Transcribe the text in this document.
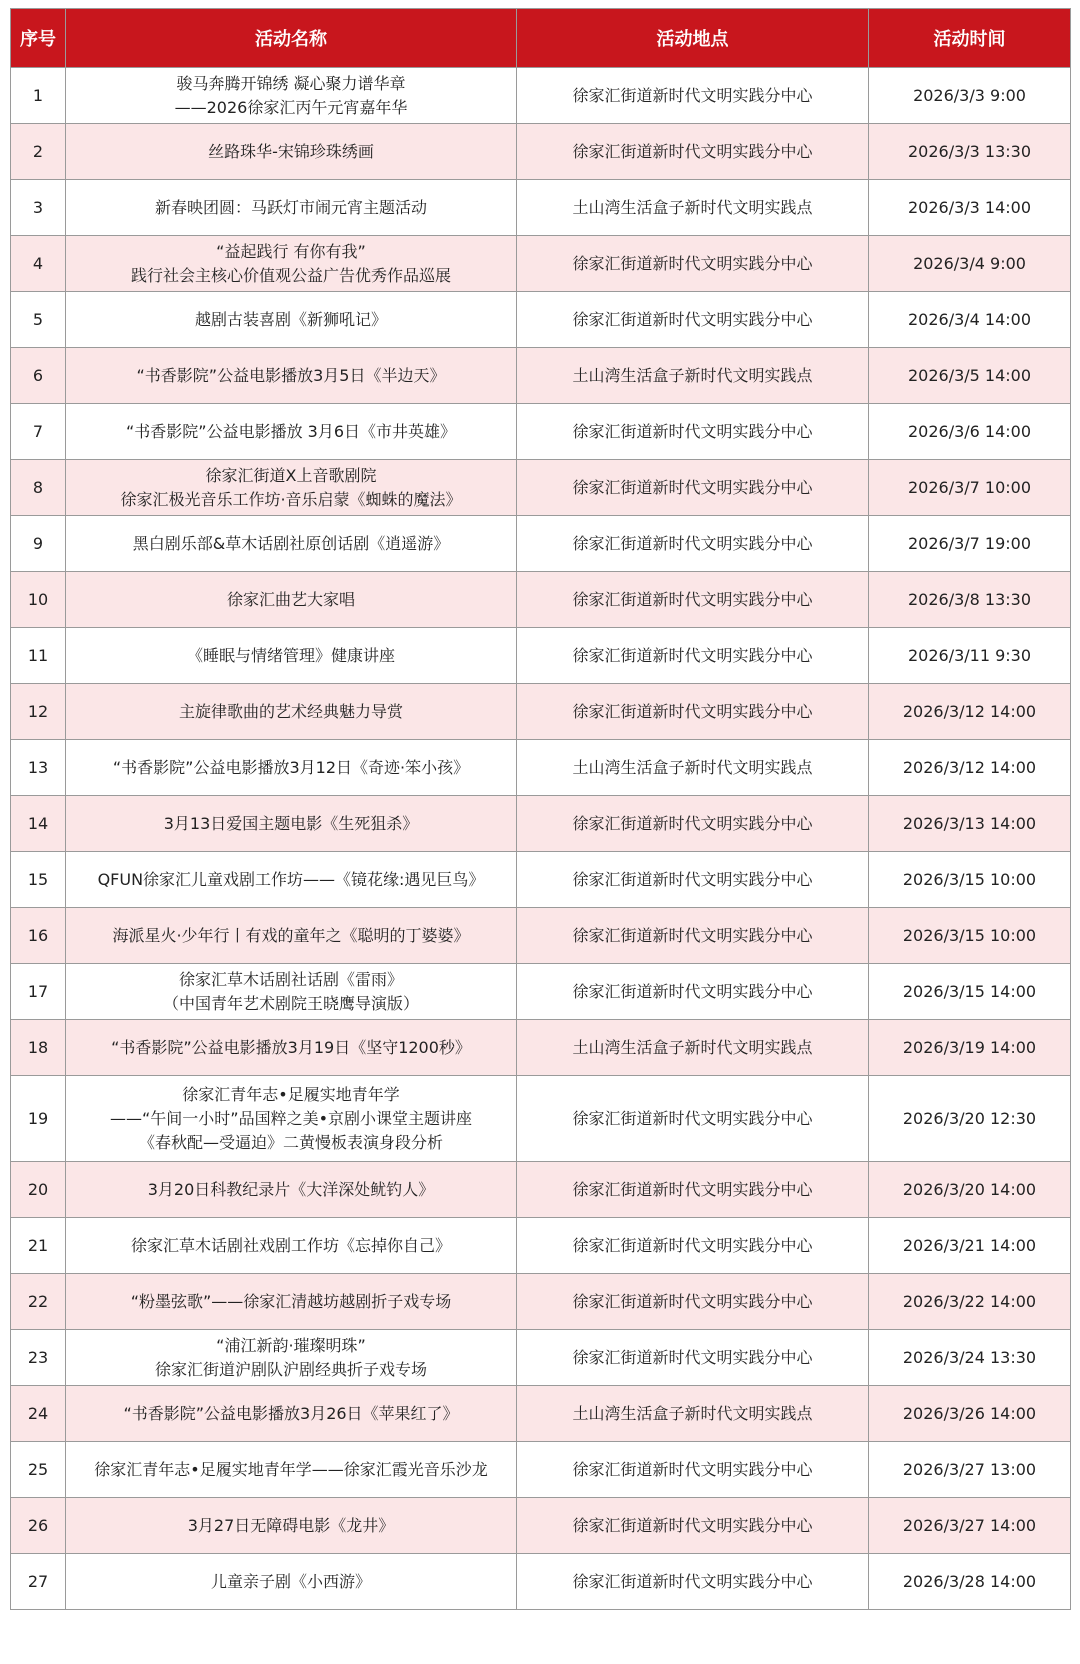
序号	活动名称	活动地点	活动时间
1	骏马奔腾开锦绣 凝心聚力谱华章
——2026徐家汇丙午元宵嘉年华	徐家汇街道新时代文明实践分中心	2026/3/3 9:00
2	丝路珠华-宋锦珍珠绣画	徐家汇街道新时代文明实践分中心	2026/3/3 13:30
3	新春映团圆：马跃灯市闹元宵主题活动	土山湾生活盒子新时代文明实践点	2026/3/3 14:00
4	“益起践行 有你有我”
践行社会主核心价值观公益广告优秀作品巡展	徐家汇街道新时代文明实践分中心	2026/3/4 9:00
5	越剧古装喜剧《新狮吼记》	徐家汇街道新时代文明实践分中心	2026/3/4 14:00
6	“书香影院”公益电影播放3月5日《半边天》	土山湾生活盒子新时代文明实践点	2026/3/5 14:00
7	“书香影院”公益电影播放 3月6日《市井英雄》	徐家汇街道新时代文明实践分中心	2026/3/6 14:00
8	徐家汇街道X上音歌剧院
徐家汇极光音乐工作坊·音乐启蒙《蜘蛛的魔法》	徐家汇街道新时代文明实践分中心	2026/3/7 10:00
9	黑白剧乐部&草木话剧社原创话剧《逍遥游》	徐家汇街道新时代文明实践分中心	2026/3/7 19:00
10	徐家汇曲艺大家唱	徐家汇街道新时代文明实践分中心	2026/3/8 13:30
11	《睡眠与情绪管理》健康讲座	徐家汇街道新时代文明实践分中心	2026/3/11 9:30
12	主旋律歌曲的艺术经典魅力导赏	徐家汇街道新时代文明实践分中心	2026/3/12 14:00
13	“书香影院”公益电影播放3月12日《奇迹·笨小孩》	土山湾生活盒子新时代文明实践点	2026/3/12 14:00
14	3月13日爱国主题电影《生死狙杀》	徐家汇街道新时代文明实践分中心	2026/3/13 14:00
15	QFUN徐家汇儿童戏剧工作坊——《镜花缘:遇见巨鸟》	徐家汇街道新时代文明实践分中心	2026/3/15 10:00
16	海派星火·少年行丨有戏的童年之《聪明的丁婆婆》	徐家汇街道新时代文明实践分中心	2026/3/15 10:00
17	徐家汇草木话剧社话剧《雷雨》
（中国青年艺术剧院王晓鹰导演版）	徐家汇街道新时代文明实践分中心	2026/3/15 14:00
18	“书香影院”公益电影播放3月19日《坚守1200秒》	土山湾生活盒子新时代文明实践点	2026/3/19 14:00
19	徐家汇青年志•足履实地青年学
——“午间一小时”品国粹之美•京剧小课堂主题讲座
《春秋配—受逼迫》二黄慢板表演身段分析	徐家汇街道新时代文明实践分中心	2026/3/20 12:30
20	3月20日科教纪录片《大洋深处鱿钓人》	徐家汇街道新时代文明实践分中心	2026/3/20 14:00
21	徐家汇草木话剧社戏剧工作坊《忘掉你自己》	徐家汇街道新时代文明实践分中心	2026/3/21 14:00
22	“粉墨弦歌”——徐家汇清越坊越剧折子戏专场	徐家汇街道新时代文明实践分中心	2026/3/22 14:00
23	“浦江新韵·璀璨明珠”
徐家汇街道沪剧队沪剧经典折子戏专场	徐家汇街道新时代文明实践分中心	2026/3/24 13:30
24	“书香影院”公益电影播放3月26日《苹果红了》	土山湾生活盒子新时代文明实践点	2026/3/26 14:00
25	徐家汇青年志•足履实地青年学——徐家汇霞光音乐沙龙	徐家汇街道新时代文明实践分中心	2026/3/27 13:00
26	3月27日无障碍电影《龙井》	徐家汇街道新时代文明实践分中心	2026/3/27 14:00
27	儿童亲子剧《小西游》	徐家汇街道新时代文明实践分中心	2026/3/28 14:00
